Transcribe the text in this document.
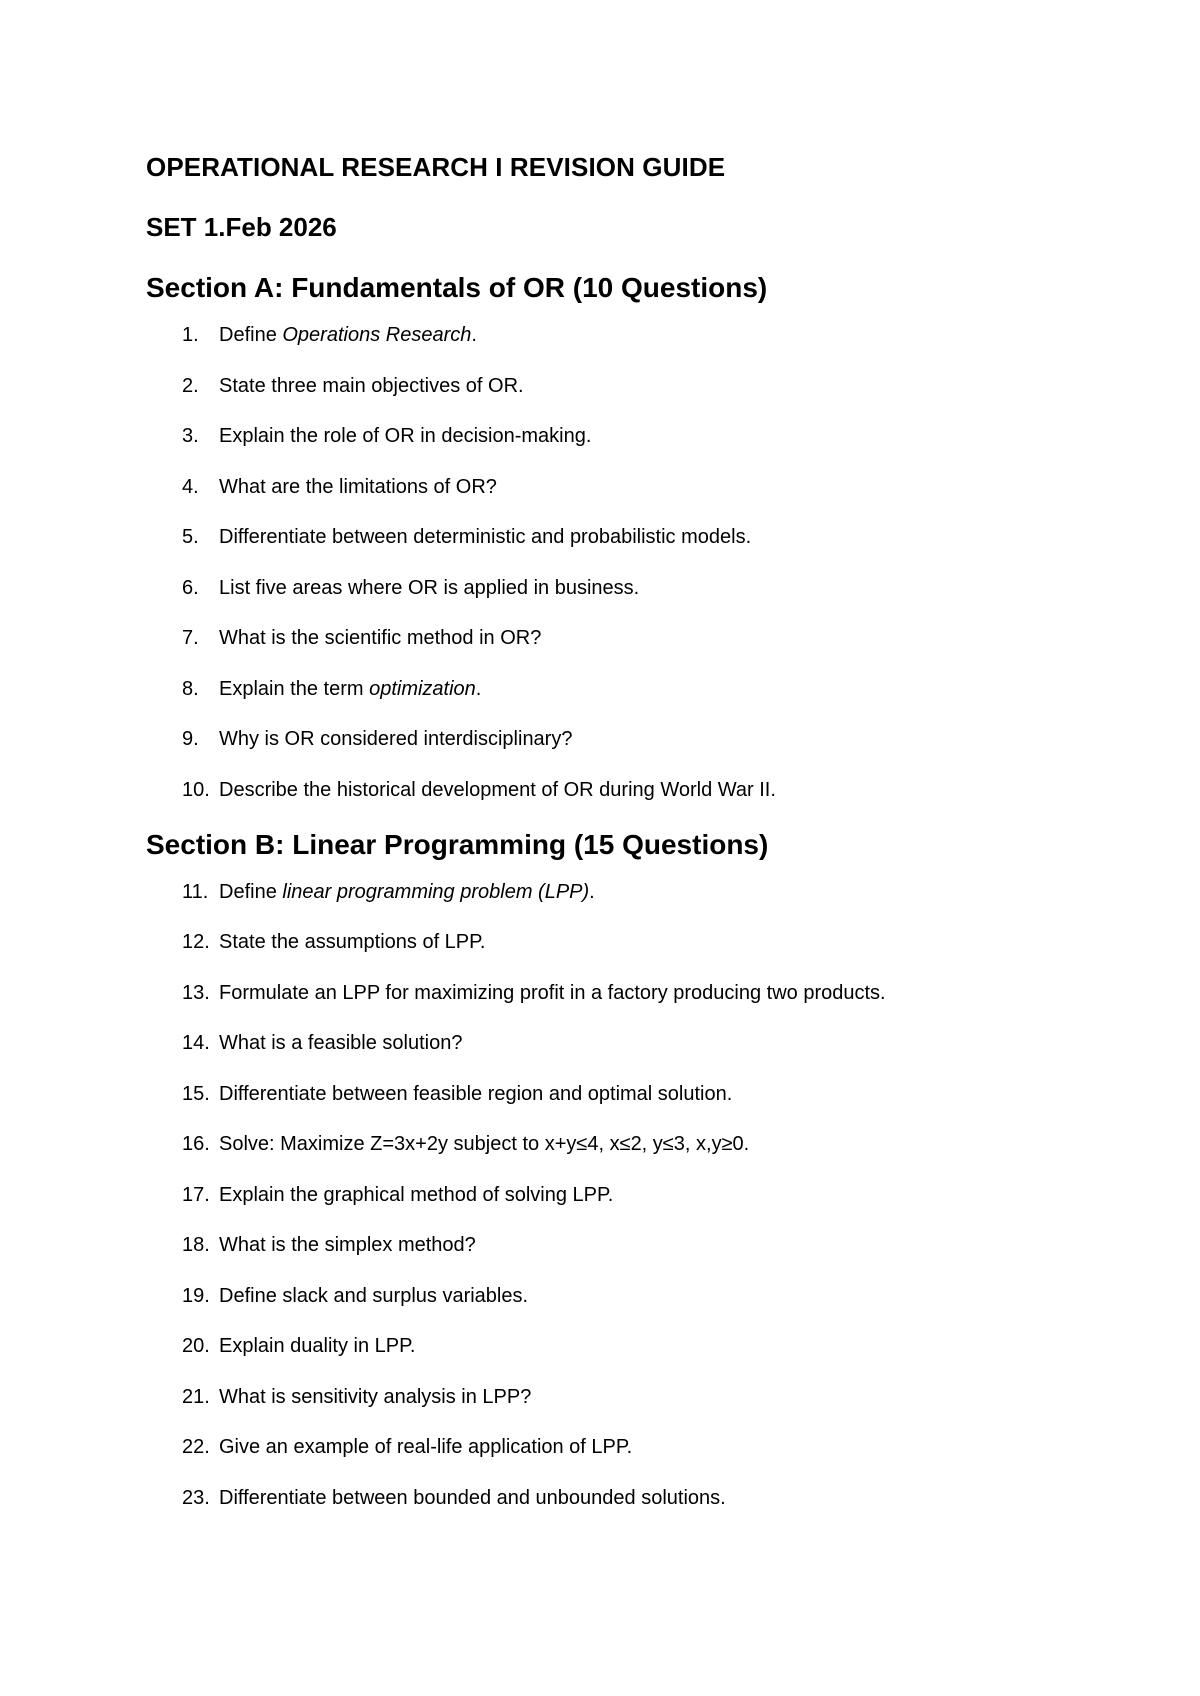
OPERATIONAL RESEARCH I REVISION GUIDE
SET 1.Feb 2026
Section A: Fundamentals of OR (10 Questions)
1. Define Operations Research.
2. State three main objectives of OR.
3. Explain the role of OR in decision-making.
4. What are the limitations of OR?
5. Differentiate between deterministic and probabilistic models.
6. List five areas where OR is applied in business.
7. What is the scientific method in OR?
8. Explain the term optimization.
9. Why is OR considered interdisciplinary?
10. Describe the historical development of OR during World War II.
Section B: Linear Programming (15 Questions)
11. Define linear programming problem (LPP).
12. State the assumptions of LPP.
13. Formulate an LPP for maximizing profit in a factory producing two products.
14. What is a feasible solution?
15. Differentiate between feasible region and optimal solution.
16. Solve: Maximize Z=3x+2y subject to x+y≤4, x≤2, y≤3, x,y≥0.
17. Explain the graphical method of solving LPP.
18. What is the simplex method?
19. Define slack and surplus variables.
20. Explain duality in LPP.
21. What is sensitivity analysis in LPP?
22. Give an example of real-life application of LPP.
23. Differentiate between bounded and unbounded solutions.
